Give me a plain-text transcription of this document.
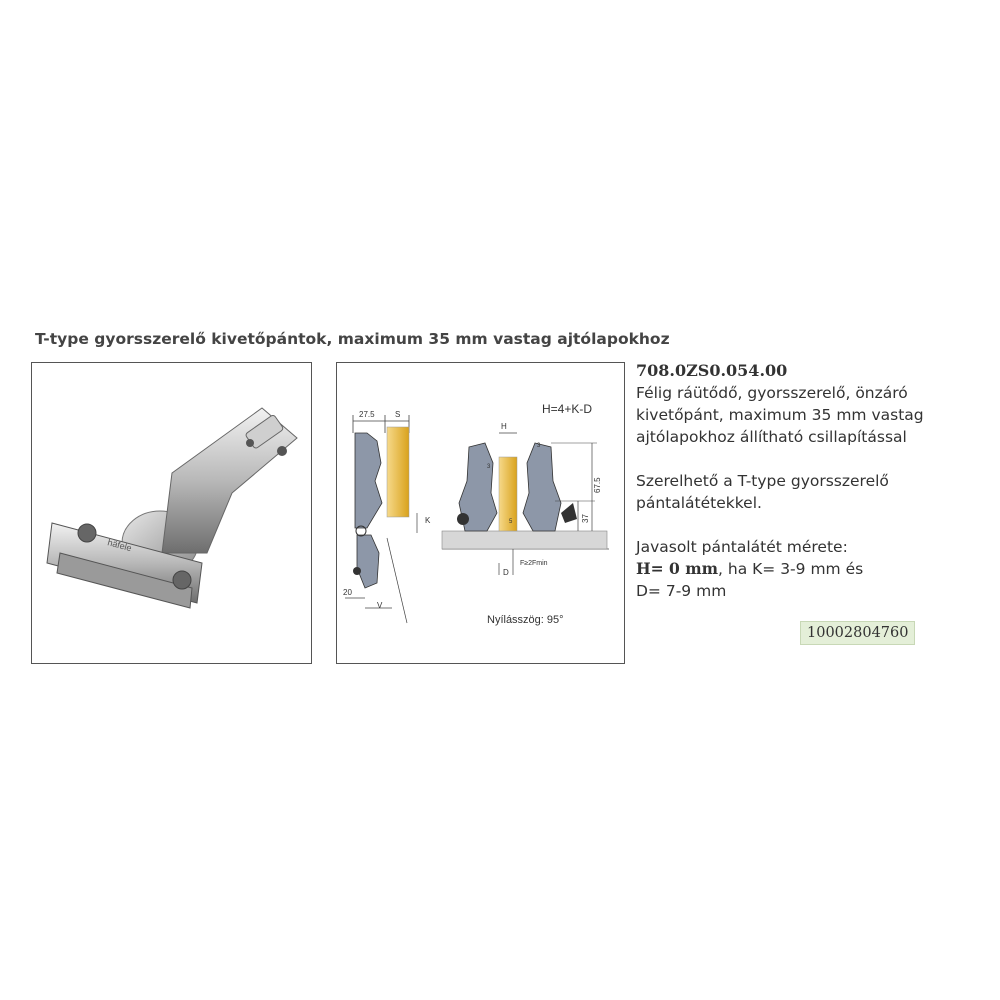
T-type gyorsszerelő kivetőpántok, maximum 35 mm vastag ajtólapokhoz
häfele
H=4+K-D
27.5	S
K
20
V
H
3
3
5
67.5
37
D
F≥2Fmin
Nyílásszög: 95°

708.0ZS0.054.00

Félig ráütődő, gyorsszerelő, önzáró kivetőpánt, maximum 35 mm vastag ajtólapokhoz állítható csillapítással

Szerelhető a T-type gyorsszerelő pántalátétekkel.

Javasolt pántalátét mérete:

H= 0 mm, ha K= 3-9 mm és

D= 7-9 mm

10002804760
